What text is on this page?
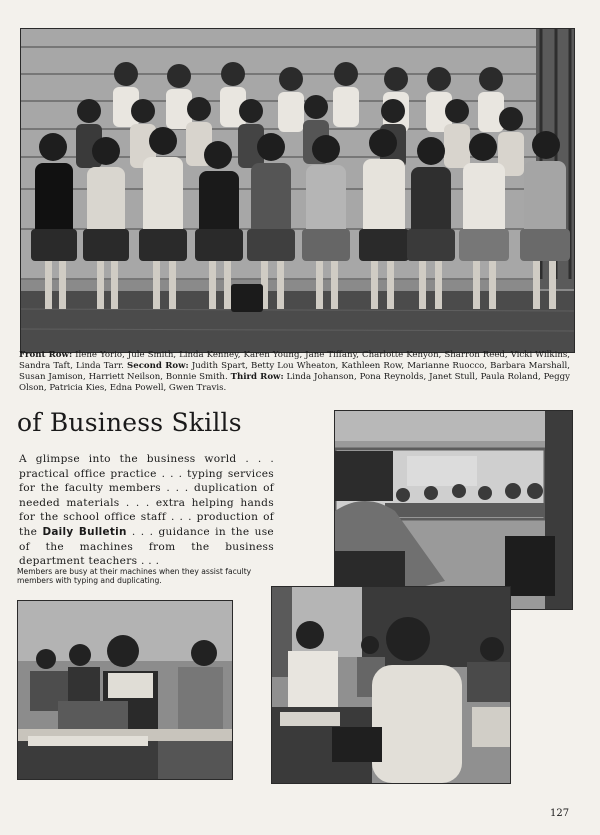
Front Row: Ilene Yorio, Jule Smith, Linda Kenney, Karen Young, Jane Tiffany, Charlotte Kenyon, Sharron Reed, Vicki Wilkins, Sandra Taft, Linda Tarr. Second Row: Judith Spart, Betty Lou Wheaton, Kathleen Row, Marianne Ruocco, Barbara Marshall, Susan Jamison, Harriett Neilson, Bonnie Smith. Third Row: Linda Johanson, Pona Reynolds, Janet Stull, Paula Roland, Peggy Olson, Patricia Kies, Edna Powell, Gwen Travis.
of Business Skills
A glimpse into the business world . . . practical office practice . . . typing services for the faculty members . . . duplication of needed materials . . . extra helping hands for the school office staff . . . production of the Daily Bulletin . . . guidance in the use of the machines from the business department teachers . . .
Members are busy at their machines when they assist faculty members with typing and duplicating.
127
